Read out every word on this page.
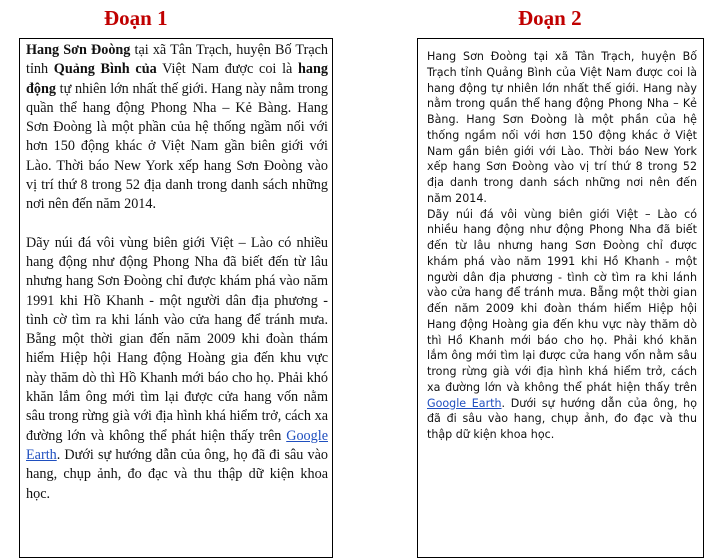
Đoạn 1	Đoạn 2

Hang Sơn Đoòng tại xã Tân Trạch, huyện Bố Trạch tỉnh Quảng Bình của Việt Nam được coi là hang động tự nhiên lớn nhất thế giới. Hang này nằm trong quần thể hang động Phong Nha – Kẻ Bàng. Hang Sơn Đoòng là một phần của hệ thống ngầm nối với hơn 150 động khác ở Việt Nam gần biên giới với Lào. Thời báo New York xếp hang Sơn Đoòng vào vị trí thứ 8 trong 52 địa danh trong danh sách những nơi nên đến năm 2014.

Dãy núi đá vôi vùng biên giới Việt – Lào có nhiều hang động như động Phong Nha đã biết đến từ lâu nhưng hang Sơn Đoòng chỉ được khám phá vào năm 1991 khi Hồ Khanh - một người dân địa phương - tình cờ tìm ra khi lánh vào cửa hang để tránh mưa. Bẵng một thời gian đến năm 2009 khi đoàn thám hiểm Hiệp hội Hang động Hoàng gia đến khu vực này thăm dò thì Hồ Khanh mới báo cho họ. Phải khó khăn lắm ông mới tìm lại được cửa hang vốn nằm sâu trong rừng già với địa hình khá hiểm trở, cách xa đường lớn và không thể phát hiện thấy trên Google Earth. Dưới sự hướng dẫn của ông, họ đã đi sâu vào hang, chụp ảnh, đo đạc và thu thập dữ kiện khoa học.

Hang Sơn Đoòng tại xã Tân Trạch, huyện Bố Trạch tỉnh Quảng Bình của Việt Nam được coi là hang động tự nhiên lớn nhất thế giới. Hang này nằm trong quần thể hang động Phong Nha – Kẻ Bàng. Hang Sơn Đoòng là một phần của hệ thống ngầm nối với hơn 150 động khác ở Việt Nam gần biên giới với Lào. Thời báo New York xếp hang Sơn Đoòng vào vị trí thứ 8 trong 52 địa danh trong danh sách những nơi nên đến năm 2014.

Dãy núi đá vôi vùng biên giới Việt – Lào có nhiều hang động như động Phong Nha đã biết đến từ lâu nhưng hang Sơn Đoòng chỉ được khám phá vào năm 1991 khi Hồ Khanh - một người dân địa phương - tình cờ tìm ra khi lánh vào cửa hang để tránh mưa. Bẵng một thời gian đến năm 2009 khi đoàn thám hiểm Hiệp hội Hang động Hoàng gia đến khu vực này thăm dò thì Hồ Khanh mới báo cho họ. Phải khó khăn lắm ông mới tìm lại được cửa hang vốn nằm sâu trong rừng già với địa hình khá hiểm trở, cách xa đường lớn và không thể phát hiện thấy trên Google Earth. Dưới sự hướng dẫn của ông, họ đã đi sâu vào hang, chụp ảnh, đo đạc và thu thập dữ kiện khoa học.
